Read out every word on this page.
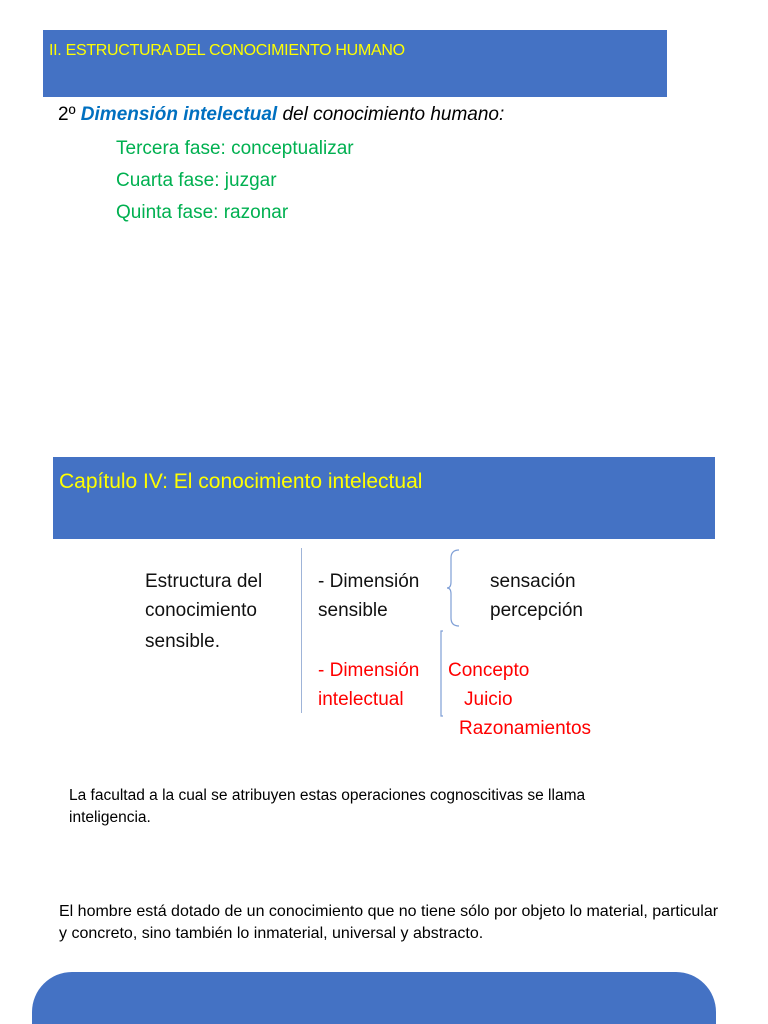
II. ESTRUCTURA DEL CONOCIMIENTO HUMANO
2º Dimensión intelectual del conocimiento humano:
Tercera fase: conceptualizar
Cuarta fase: juzgar
Quinta fase: razonar
Capítulo IV: El conocimiento intelectual
Estructura del
conocimiento
sensible.
- Dimensión
sensible
sensación
percepción
- Dimensión
intelectual
Concepto
Juicio
Razonamientos
La facultad a la cual se atribuyen estas operaciones cognoscitivas se llama inteligencia.
El hombre está dotado de un conocimiento que no tiene sólo por objeto lo material, particular y concreto, sino también lo inmaterial, universal y abstracto.
